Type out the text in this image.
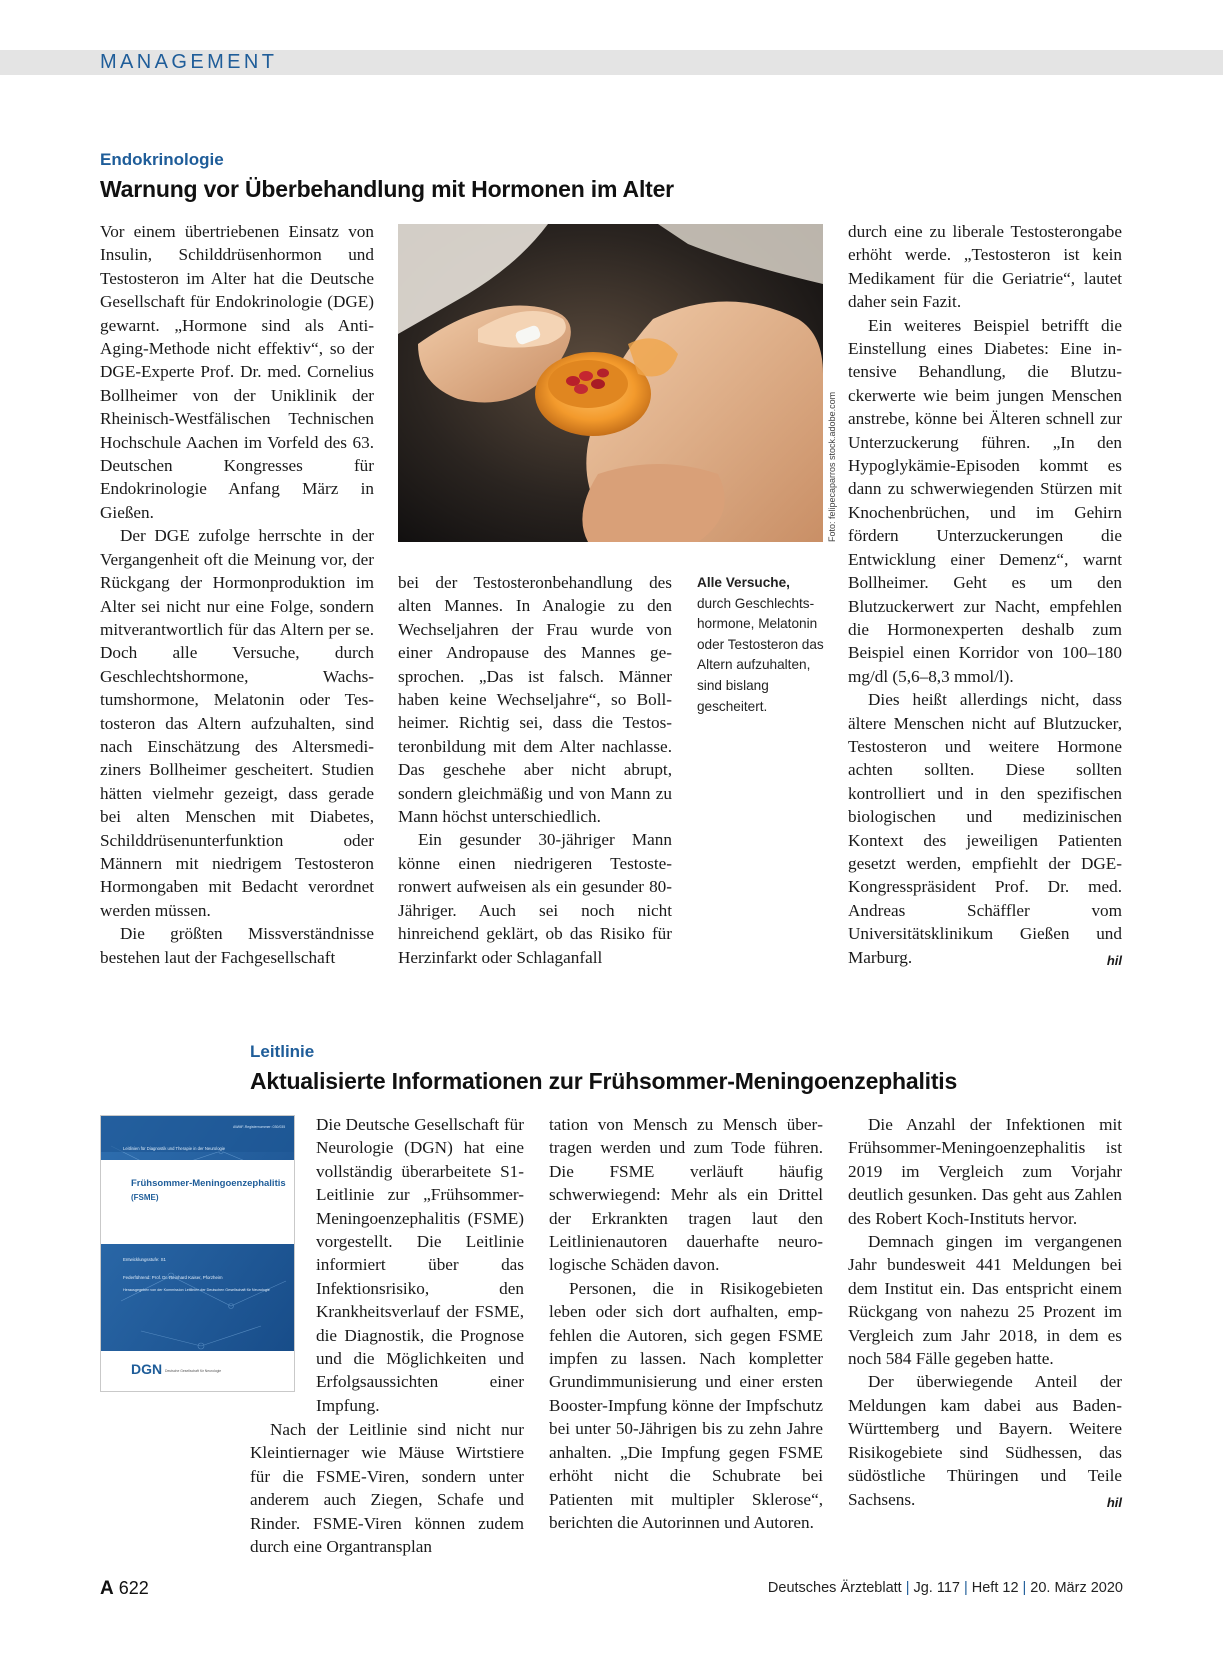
MANAGEMENT
Endokrinologie
Warnung vor Überbehandlung mit Hormonen im Alter

Vor einem übertriebenen Einsatz von Insulin, Schilddrüsenhormon und Testosteron im Alter hat die Deutsche Gesellschaft für Endokrinologie (DGE) gewarnt. „Hormone sind als Anti-Aging-Methode nicht effektiv“, so der DGE-Experte Prof. Dr. med. Cornelius Bollheimer von der Uniklinik der Rheinisch-Westfälischen Technischen Hochschule Aachen im Vorfeld des 63. Deutschen Kongresses für Endokrinologie Anfang März in Gießen.

Der DGE zufolge herrschte in der Vergangenheit oft die Meinung vor, der Rückgang der Hormonproduktion im Alter sei nicht nur eine Folge, sondern mitverantwortlich für das Altern per se. Doch alle Versuche, durch Geschlechtshormone, Wachstumshormone, Melatonin oder Testosteron das Altern aufzuhalten, sind nach Einschätzung des Altersmediziners Bollheimer gescheitert. Studien hätten vielmehr gezeigt, dass gerade bei alten Menschen mit Diabetes, Schilddrüsenunterfunktion oder Männern mit niedrigem Testosteron Hormongaben mit Bedacht verordnet werden müssen.

Die größten Missverständnisse bestehen laut der Fachgesellschaft

Foto: felipecaparros stock.adobe.com
Alle Versuche, durch Geschlechtshormone, Melatonin oder Testosteron das Altern aufzuhalten, sind bislang gescheitert.

bei der Testosteronbehandlung des alten Mannes. In Analogie zu den Wechseljahren der Frau wurde von einer Andropause des Mannes gesprochen. „Das ist falsch. Männer haben keine Wechseljahre“, so Bollheimer. Richtig sei, dass die Testosteronbildung mit dem Alter nachlasse. Das geschehe aber nicht abrupt, sondern gleichmäßig und von Mann zu Mann höchst unterschiedlich.

Ein gesunder 30-jähriger Mann könne einen niedrigeren Testosteronwert aufweisen als ein gesunder 80-Jähriger. Auch sei noch nicht hinreichend geklärt, ob das Risiko für Herzinfarkt oder Schlaganfall

durch eine zu liberale Testosterongabe erhöht werde. „Testosteron ist kein Medikament für die Geriatrie“, lautet daher sein Fazit.

Ein weiteres Beispiel betrifft die Einstellung eines Diabetes: Eine intensive Behandlung, die Blutzuckerwerte wie beim jungen Menschen anstrebe, könne bei Älteren schnell zur Unterzuckerung führen. „In den Hypoglykämie-Episoden kommt es dann zu schwerwiegenden Stürzen mit Knochenbrüchen, und im Gehirn fördern Unterzuckerungen die Entwicklung einer Demenz“, warnt Bollheimer. Geht es um den Blutzuckerwert zur Nacht, empfehlen die Hormonexperten deshalb zum Beispiel einen Korridor von 100–180 mg/dl (5,6–8,3 mmol/l).

Dies heißt allerdings nicht, dass ältere Menschen nicht auf Blutzucker, Testosteron und weitere Hormone achten sollten. Diese sollten kontrolliert und in den spezifischen biologischen und medizinischen Kontext des jeweiligen Patienten gesetzt werden, empfiehlt der DGE-Kongresspräsident Prof. Dr. med. Andreas Schäffler vom Universitätsklinikum Gießen und Marburg.	hil

Leitlinie
Aktualisierte Informationen zur Frühsommer-Meningoenzephalitis
AWMF-Registernummer: 030/035
Leitlinien für Diagnostik und Therapie in der Neurologie
Frühsommer-Meningoenzephalitis
(FSME)
Entwicklungsstufe: S1
Federführend: Prof. Dr. Reinhard Kaiser, Pforzheim
Herausgegeben von der Kommission Leitlinien der Deutschen Gesellschaft für Neurologie
DGN Deutsche Gesellschaft für Neurologie

Die Deutsche Gesellschaft für Neurologie (DGN) hat eine vollständig überarbeitete S1-Leitlinie zur „Frühsommer-Meningoenzephalitis (FSME) vorgestellt. Die Leitlinie informiert über das Infektionsrisiko, den Krankheitsverlauf der FSME, die Diagnostik, die Prognose und die Möglichkeiten und Erfolgsaussichten einer Impfung.

Nach der Leitlinie sind nicht nur Kleintiernager wie Mäuse Wirtstiere für die FSME-Viren, sondern unter anderem auch Ziegen, Schafe und Rinder. FSME-Viren können zudem durch eine Organtransplan

tation von Mensch zu Mensch übertragen werden und zum Tode führen. Die FSME verläuft häufig schwerwiegend: Mehr als ein Drittel der Erkrankten tragen laut den Leitlinienautoren dauerhafte neurologische Schäden davon.

Personen, die in Risikogebieten leben oder sich dort aufhalten, empfehlen die Autoren, sich gegen FSME impfen zu lassen. Nach kompletter Grundimmunisierung und einer ersten Booster-Impfung könne der Impfschutz bei unter 50-Jährigen bis zu zehn Jahre anhalten. „Die Impfung gegen FSME erhöht nicht die Schubrate bei Patienten mit multipler Sklerose“, berichten die Autorinnen und Autoren.

Die Anzahl der Infektionen mit Frühsommer-Meningoenzephalitis ist 2019 im Vergleich zum Vorjahr deutlich gesunken. Das geht aus Zahlen des Robert Koch-Instituts hervor.

Demnach gingen im vergangenen Jahr bundesweit 441 Meldungen bei dem Institut ein. Das entspricht einem Rückgang von nahezu 25 Prozent im Vergleich zum Jahr 2018, in dem es noch 584 Fälle gegeben hatte.

Der überwiegende Anteil der Meldungen kam dabei aus Baden-Württemberg und Bayern. Weitere Risikogebiete sind Südhessen, das südöstliche Thüringen und Teile Sachsens.	hil

A 622	Deutsches Ärzteblatt | Jg. 117 | Heft 12 | 20. März 2020
